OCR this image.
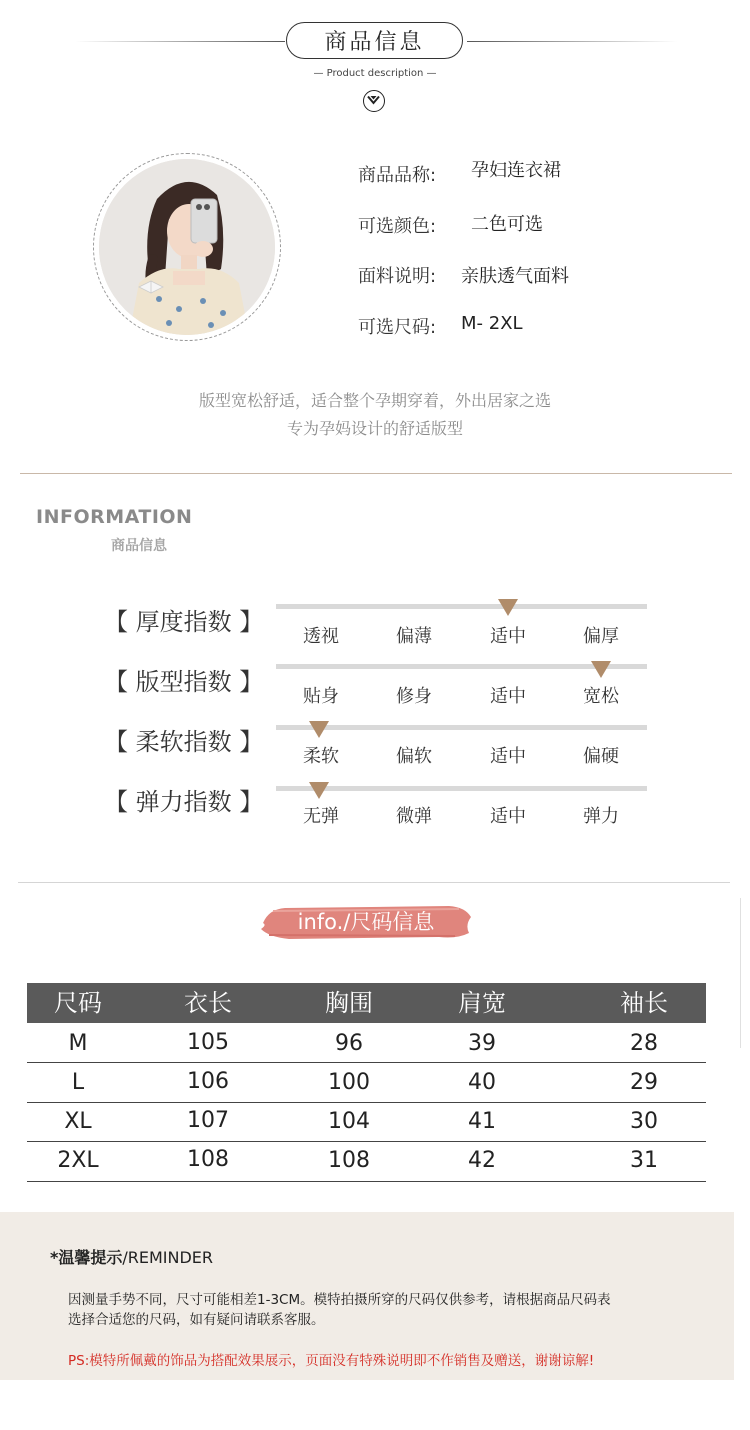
商品信息
— Product description —
商品品称: 孕妇连衣裙
可选颜色: 二色可选
面料说明: 亲肤透气面料
可选尺码: M- 2XL
版型宽松舒适，适合整个孕期穿着，外出居家之选
专为孕妈设计的舒适版型
INFORMATION
商品信息
【 厚度指数 】
透视	偏薄	适中	偏厚
【 版型指数 】
贴身	修身	适中	宽松
【 柔软指数 】
柔软	偏软	适中	偏硬
【 弹力指数 】
无弹	微弹	适中	弹力
info./尺码信息
尺码	衣长	胸围	肩宽	袖长
M	105	96	39	28
L	106	100	40	29
XL	107	104	41	30
2XL	108	108	42	31
*温馨提示/REMINDER
因测量手势不同，尺寸可能相差1-3CM。模特拍摄所穿的尺码仅供参考，请根据商品尺码表
选择合适您的尺码，如有疑问请联系客服。
PS:模特所佩戴的饰品为搭配效果展示，页面没有特殊说明即不作销售及赠送，谢谢谅解!
